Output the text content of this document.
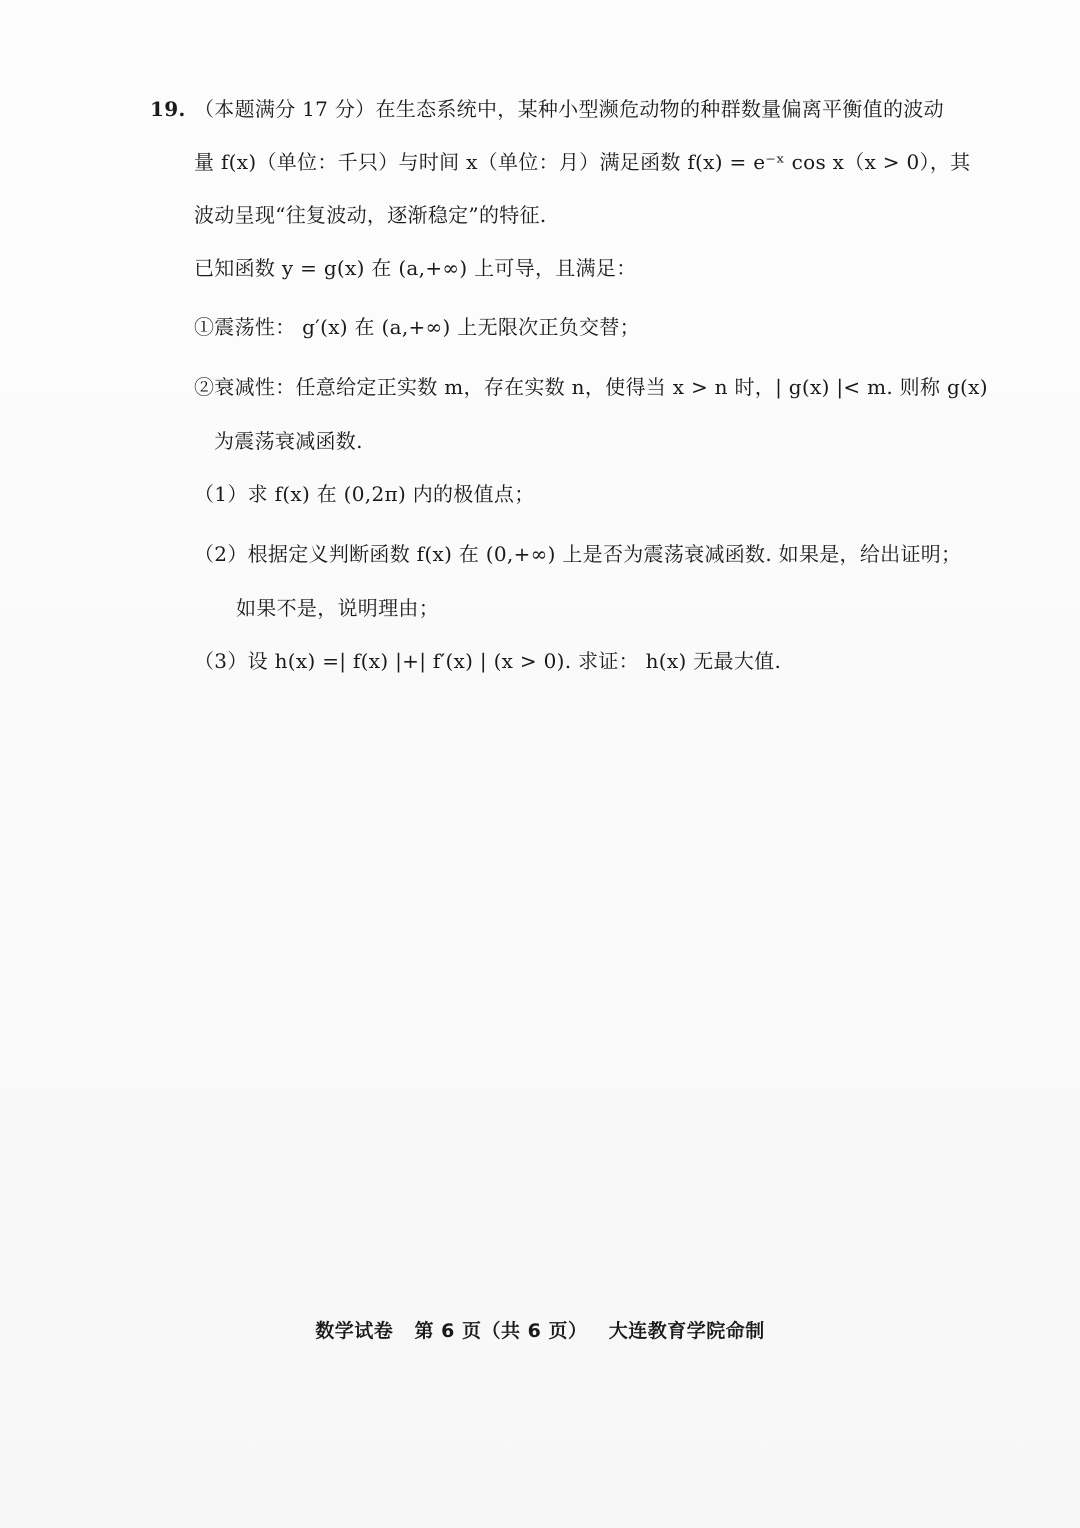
19. （本题满分 17 分）在生态系统中，某种小型濒危动物的种群数量偏离平衡值的波动
量 f(x)（单位：千只）与时间 x（单位：月）满足函数 f(x) = e⁻ˣ cos x（x > 0），其
波动呈现“往复波动，逐渐稳定”的特征.
已知函数 y = g(x) 在 (a,+∞) 上可导，且满足：
①震荡性： g′(x) 在 (a,+∞) 上无限次正负交替；
②衰减性：任意给定正实数 m，存在实数 n，使得当 x > n 时，| g(x) |< m. 则称 g(x)
为震荡衰减函数.
（1）求 f(x) 在 (0,2π) 内的极值点；
（2）根据定义判断函数 f(x) 在 (0,+∞) 上是否为震荡衰减函数. 如果是，给出证明；
如果不是，说明理由；
（3）设 h(x) =| f(x) |+| f′(x) | (x > 0). 求证： h(x) 无最大值.
数学试卷   第 6 页（共 6 页）   大连教育学院命制
